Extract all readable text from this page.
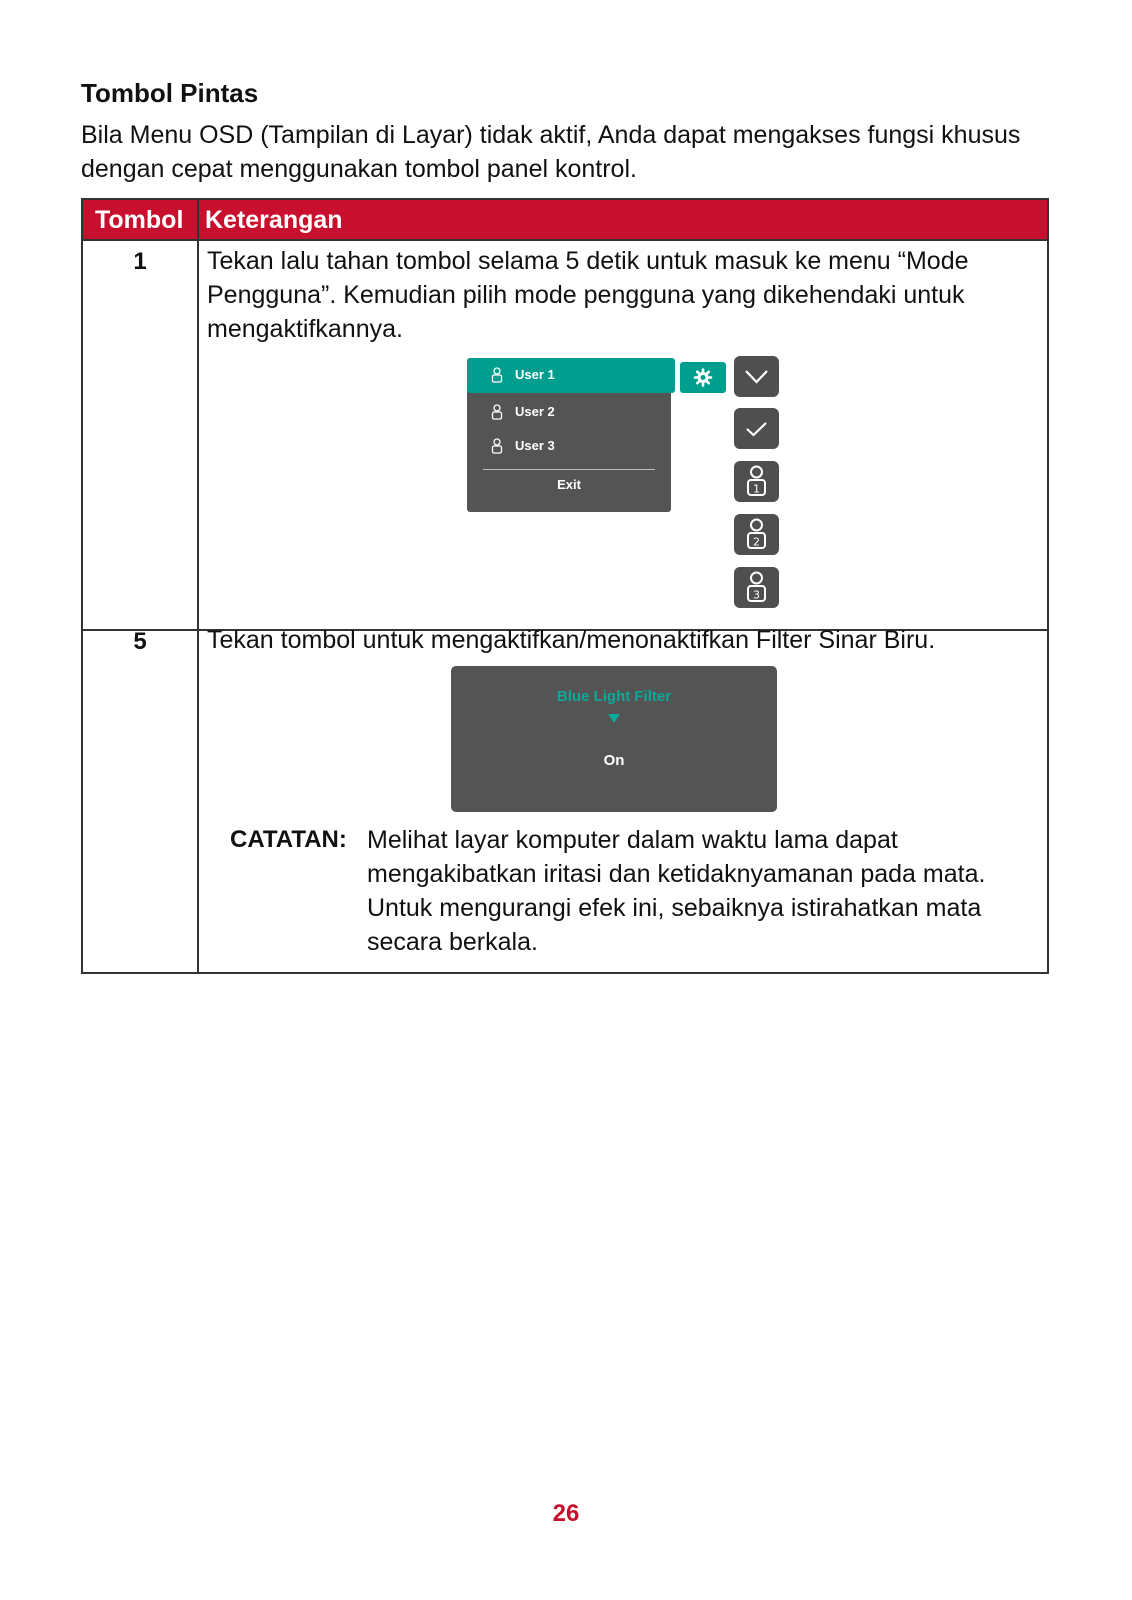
Tombol Pintas
Bila Menu OSD (Tampilan di Layar) tidak aktif, Anda dapat mengakses fungsi khusus dengan cepat menggunakan tombol panel kontrol.
Tombol Keterangan
1	Tekan lalu tahan tombol selama 5 detik untuk masuk ke menu “Mode Pengguna”. Kemudian pilih mode pengguna yang dikehendaki untuk mengaktifkannya.
User 1
User 2
User 3
Exit	1
2
3
5	Tekan tombol untuk mengaktifkan/menonaktifkan Filter Sinar Biru.
Blue Light Filter
On
CATATAN: Melihat layar komputer dalam waktu lama dapat mengakibatkan iritasi dan ketidaknyamanan pada mata. Untuk mengurangi efek ini, sebaiknya istirahatkan mata secara berkala.
26
